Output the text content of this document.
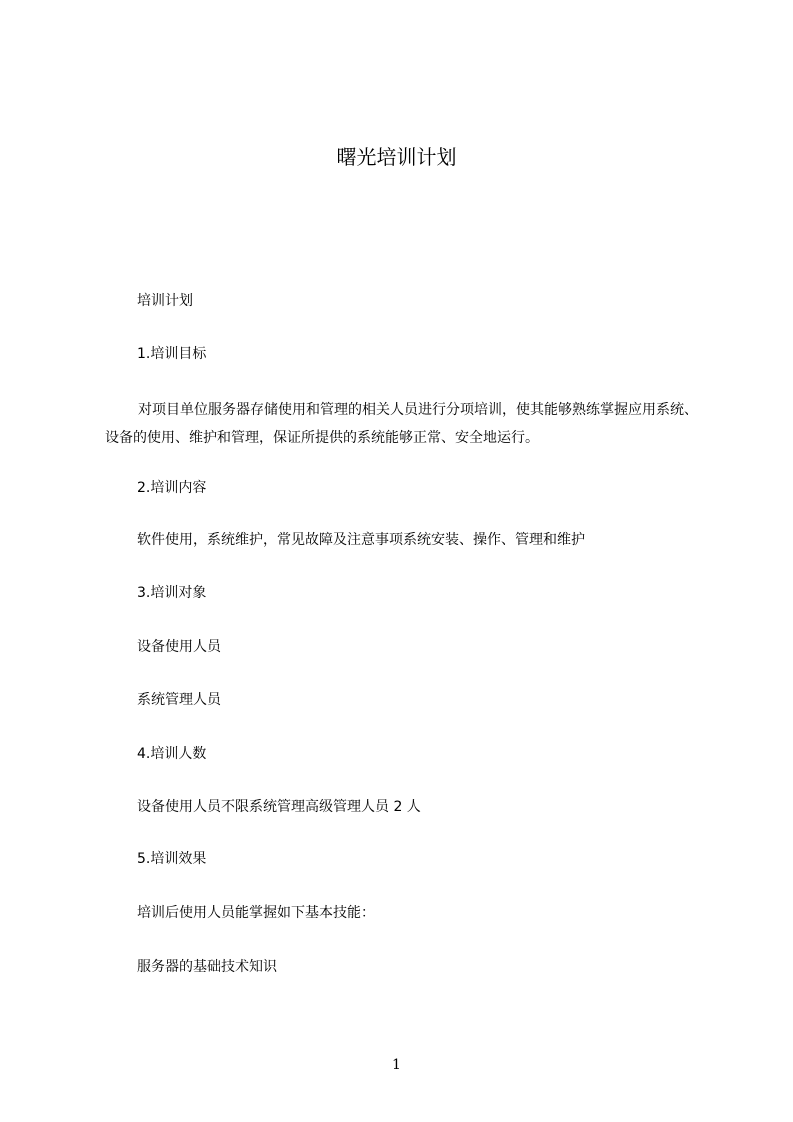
曙光培训计划
培训计划
1.培训目标
对项目单位服务器存储使用和管理的相关人员进行分项培训，使其能够熟练掌握应用系统、设备的使用、维护和管理，保证所提供的系统能够正常、安全地运行。
2.培训内容
软件使用，系统维护，常见故障及注意事项系统安装、操作、管理和维护
3.培训对象
设备使用人员
系统管理人员
4.培训人数
设备使用人员不限系统管理高级管理人员 2 人
5.培训效果
培训后使用人员能掌握如下基本技能：
服务器的基础技术知识
1
